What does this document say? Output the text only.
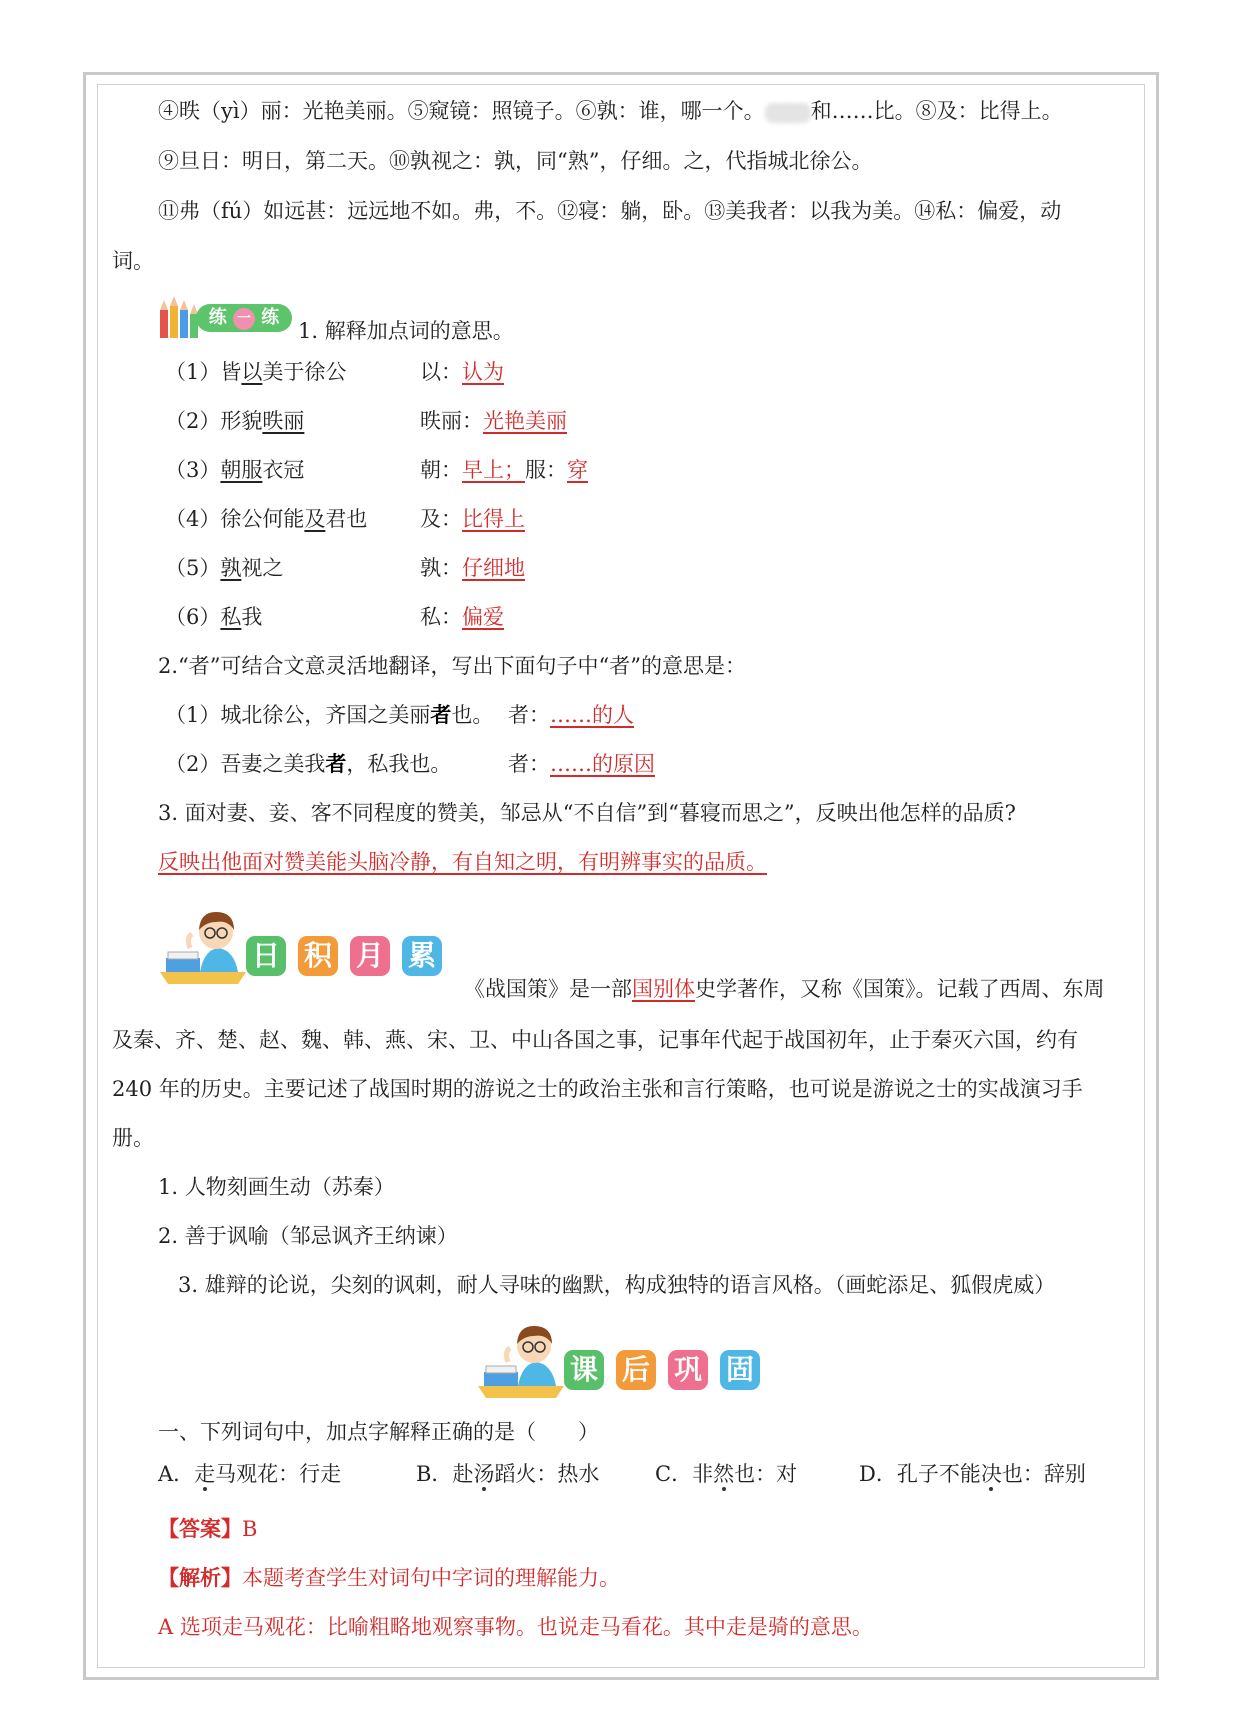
④昳（yì）丽：光艳美丽。⑤窥镜：照镜子。⑥孰：谁，哪一个。 和……比。⑧及：比得上。
⑨旦日：明日，第二天。⑩孰视之：孰，同“熟”，仔细。之，代指城北徐公。
⑪弗（fú）如远甚：远远地不如。弗，不。⑫寝：躺，卧。⑬美我者：以我为美。⑭私：偏爱，动
词。
练 一 练
1. 解释加点词的意思。
（1）皆以美于徐公	以：认为
（2）形貌昳丽	昳丽：光艳美丽
（3）朝服衣冠	朝：早上；服：穿
（4）徐公何能及君也	及：比得上
（5）孰视之	孰：仔细地
（6）私我	私：偏爱
2.“者”可结合文意灵活地翻译，写出下面句子中“者”的意思是：
（1）城北徐公，齐国之美丽者也。 者：……的人
（2）吾妻之美我者，私我也。	者：……的原因
3. 面对妻、妾、客不同程度的赞美，邹忌从“不自信”到“暮寝而思之”，反映出他怎样的品质?
反映出他面对赞美能头脑冷静，有自知之明，有明辨事实的品质。
日 积 月 累
《战国策》是一部国别体史学著作，又称《国策》。记载了西周、东周
及秦、齐、楚、赵、魏、韩、燕、宋、卫、中山各国之事，记事年代起于战国初年，止于秦灭六国，约有
240 年的历史。主要记述了战国时期的游说之士的政治主张和言行策略，也可说是游说之士的实战演习手
册。
1. 人物刻画生动（苏秦）
2. 善于讽喻（邹忌讽齐王纳谏）
3. 雄辩的论说，尖刻的讽刺，耐人寻味的幽默，构成独特的语言风格。（画蛇添足、狐假虎威）
课 后 巩 固
一、下列词句中，加点字解释正确的是（　　）
A．走马观花：行走	B．赴汤蹈火：热水	C．非然也：对	D．孔子不能决也：辞别
【答案】B
【解析】本题考查学生对词句中字词的理解能力。
A 选项走马观花：比喻粗略地观察事物。也说走马看花。其中走是骑的意思。
